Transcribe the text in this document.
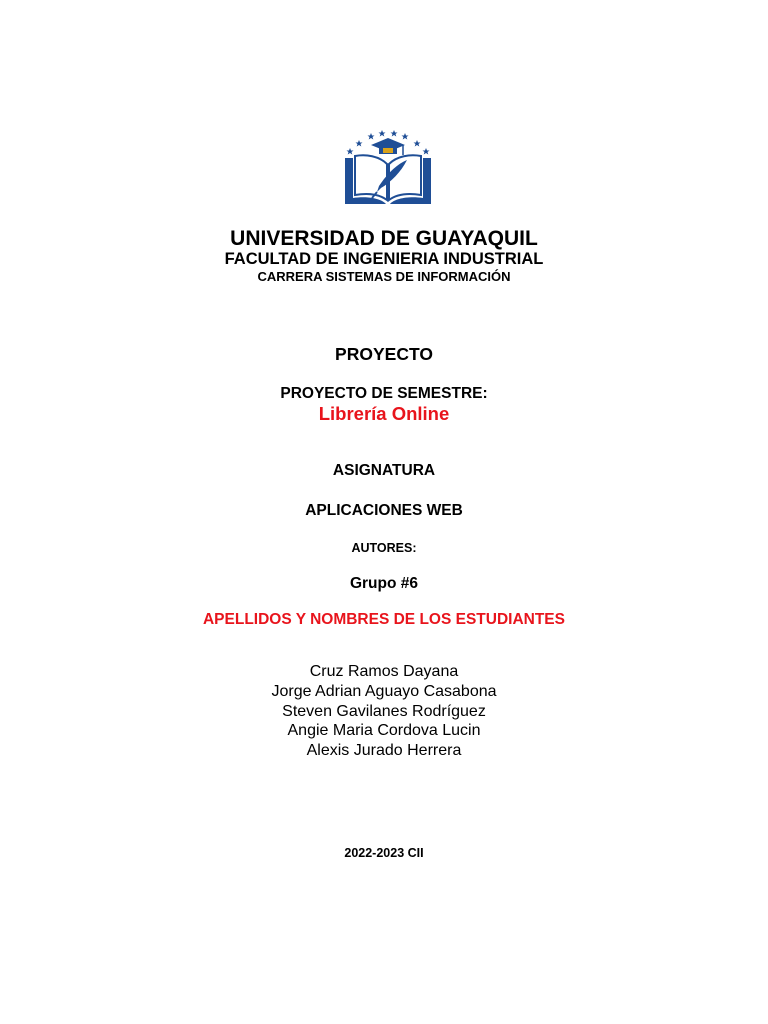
UNIVERSIDAD DE GUAYAQUIL
FACULTAD DE INGENIERIA INDUSTRIAL
CARRERA SISTEMAS DE INFORMACIÓN
PROYECTO
PROYECTO DE SEMESTRE:
Librería Online
ASIGNATURA
APLICACIONES WEB
AUTORES:
Grupo #6
APELLIDOS Y NOMBRES DE LOS ESTUDIANTES
Cruz Ramos Dayana
Jorge Adrian Aguayo Casabona
Steven Gavilanes Rodríguez
Angie Maria Cordova Lucin
Alexis Jurado Herrera
2022-2023 CII
